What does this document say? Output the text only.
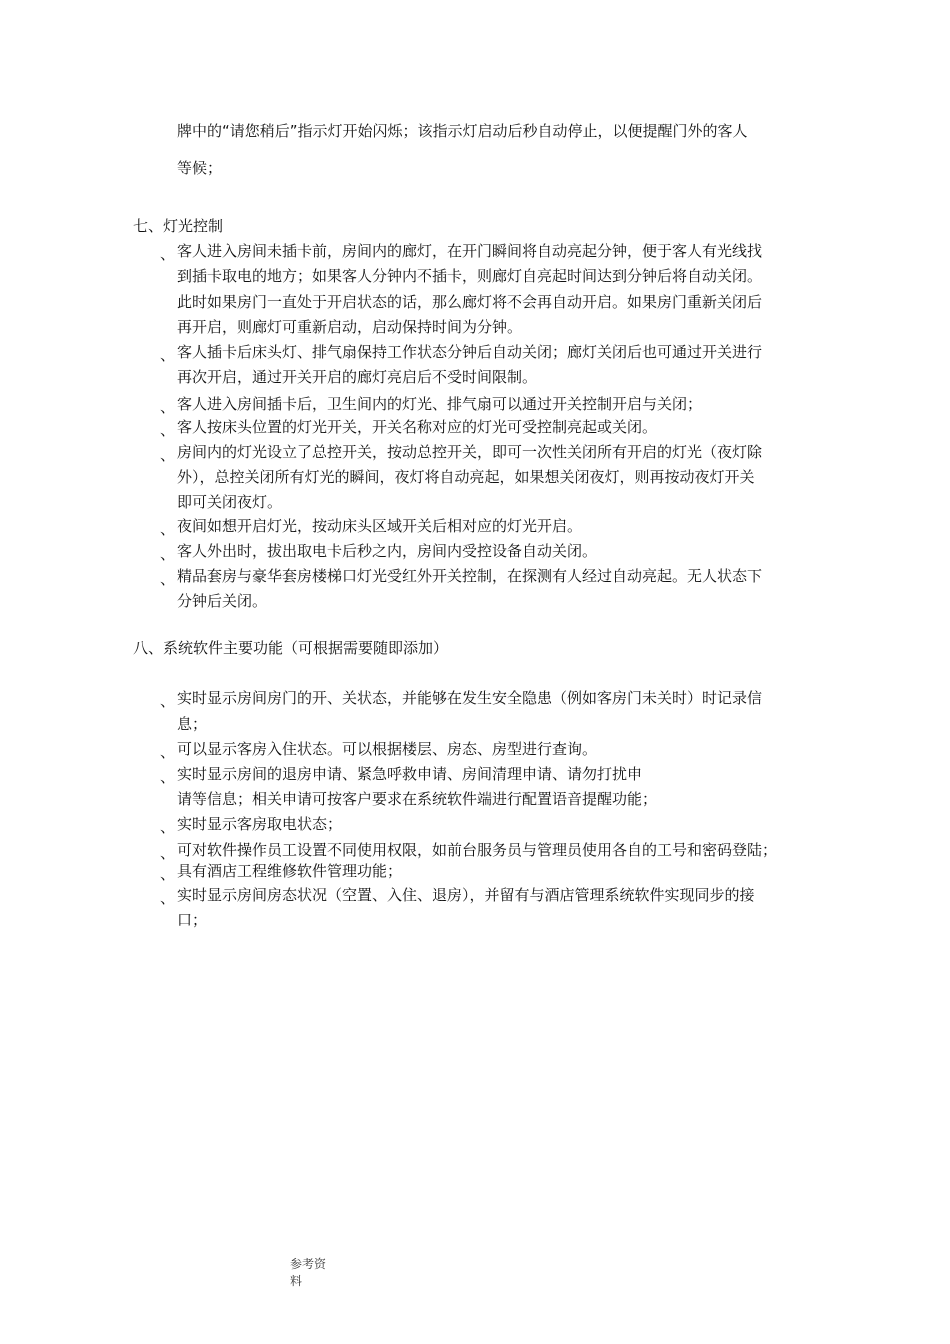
牌中的“请您稍后”指示灯开始闪烁；该指示灯启动后秒自动停止，以便提醒门外的客人
等候；
七、灯光控制
、 客人进入房间未插卡前，房间内的廊灯，在开门瞬间将自动亮起分钟，便于客人有光线找
到插卡取电的地方；如果客人分钟内不插卡，则廊灯自亮起时间达到分钟后将自动关闭。
此时如果房门一直处于开启状态的话，那么廊灯将不会再自动开启。如果房门重新关闭后
再开启，则廊灯可重新启动，启动保持时间为分钟。
、 客人插卡后床头灯、排气扇保持工作状态分钟后自动关闭；廊灯关闭后也可通过开关进行
再次开启，通过开关开启的廊灯亮启后不受时间限制。
、 客人进入房间插卡后，卫生间内的灯光、排气扇可以通过开关控制开启与关闭；
、 客人按床头位置的灯光开关，开关名称对应的灯光可受控制亮起或关闭。
、 房间内的灯光设立了总控开关，按动总控开关，即可一次性关闭所有开启的灯光（夜灯除
外），总控关闭所有灯光的瞬间，夜灯将自动亮起，如果想关闭夜灯，则再按动夜灯开关
即可关闭夜灯。
、 夜间如想开启灯光，按动床头区域开关后相对应的灯光开启。
、 客人外出时，拔出取电卡后秒之内，房间内受控设备自动关闭。
、 精品套房与豪华套房楼梯口灯光受红外开关控制，在探测有人经过自动亮起。无人状态下
分钟后关闭。
八、系统软件主要功能（可根据需要随即添加）
、 实时显示房间房门的开、关状态，并能够在发生安全隐患（例如客房门未关时）时记录信
息；
、 可以显示客房入住状态。可以根据楼层、房态、房型进行查询。
、 实时显示房间的退房申请、紧急呼救申请、房间清理申请、请勿打扰申
请等信息；相关申请可按客户要求在系统软件端进行配置语音提醒功能；
、 实时显示客房取电状态；
、 可对软件操作员工设置不同使用权限，如前台服务员与管理员使用各自的工号和密码登陆；
、 具有酒店工程维修软件管理功能；
、 实时显示房间房态状况（空置、入住、退房），并留有与酒店管理系统软件实现同步的接
口；
参考资
料
